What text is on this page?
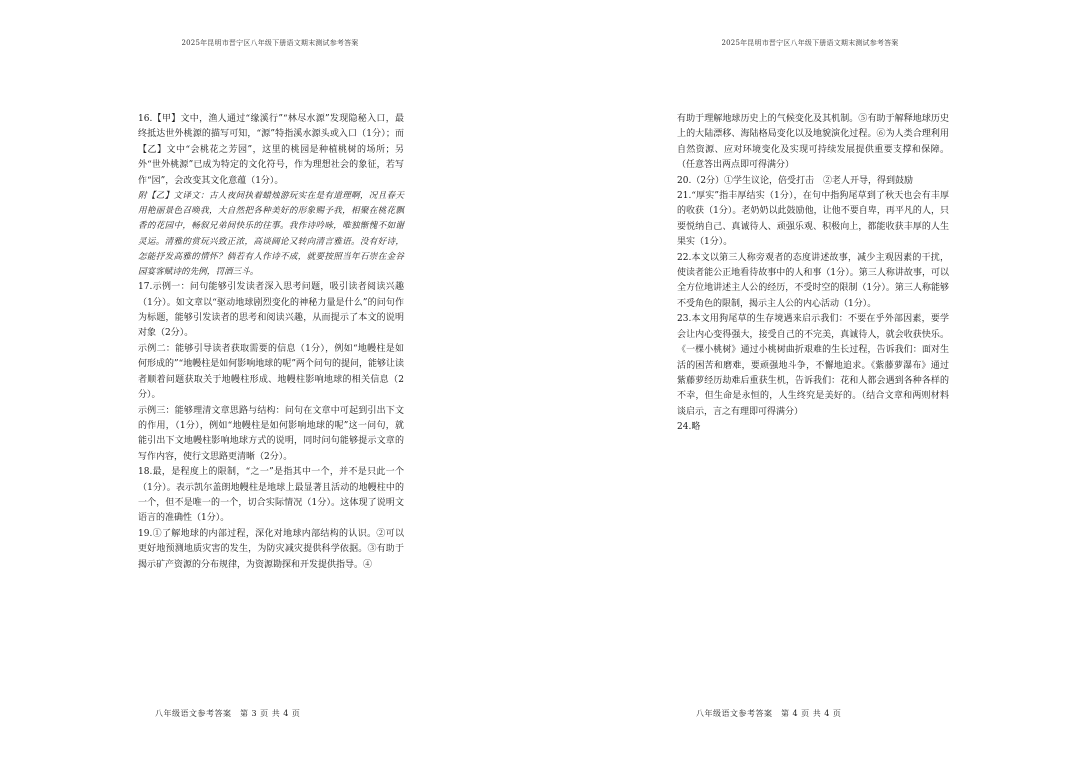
2025年昆明市晋宁区八年级下册语文期末测试参考答案

16.【甲】文中，渔人通过“缘溪行”“林尽水源”发现隐秘入口，最终抵达世外桃源的描写可知，“源”特指溪水源头或入口（1分）；而【乙】文中“会桃花之芳园”，这里的桃园是种植桃树的场所；另外“世外桃源”已成为特定的文化符号，作为理想社会的象征，若写作“园”，会改变其文化意蕴（1分）。

附【乙】文译文：古人夜间执着蜡烛游玩实在是有道理啊，况且春天用艳丽景色召唤我，大自然把各种美好的形象赐予我，相聚在桃花飘香的花园中，畅叙兄弟间快乐的往事。我作诗吟咏，唯独惭愧不如谢灵运。清雅的赏玩兴致正浓，高谈阔论又转向清言雅语。没有好诗，怎能抒发高雅的情怀？倘若有人作诗不成，就要按照当年石崇在金谷园宴客赋诗的先例，罚酒三斗。

17.示例一：问句能够引发读者深入思考问题，吸引读者阅读兴趣（1分）。如文章以“驱动地球剧烈变化的神秘力量是什么”的问句作为标题，能够引发读者的思考和阅读兴趣，从而提示了本文的说明对象（2分）。

示例二：能够引导读者获取需要的信息（1分），例如“地幔柱是如何形成的”“地幔柱是如何影响地球的呢”两个问句的提问，能够让读者顺着问题获取关于地幔柱形成、地幔柱影响地球的相关信息（2分）。

示例三：能够理清文章思路与结构：问句在文章中可起到引出下文的作用，（1分），例如“地幔柱是如何影响地球的呢”这一问句，就能引出下文地幔柱影响地球方式的说明，同时问句能够提示文章的写作内容，使行文思路更清晰（2分）。

18.最，是程度上的限制，“之一”是指其中一个，并不是只此一个（1分）。表示凯尔盖朗地幔柱是地球上最显著且活动的地幔柱中的一个，但不是唯一的一个，切合实际情况（1分）。这体现了说明文语言的准确性（1分）。

19.①了解地球的内部过程，深化对地球内部结构的认识。②可以更好地预测地质灾害的发生，为防灾减灾提供科学依据。③有助于揭示矿产资源的分布规律，为资源勘探和开发提供指导。④

八年级语文参考答案　第 3 页 共 4 页
2025年昆明市晋宁区八年级下册语文期末测试参考答案

有助于理解地球历史上的气候变化及其机制。⑤有助于解释地球历史上的大陆漂移、海陆格局变化以及地貌演化过程。⑥为人类合理利用自然资源、应对环境变化及实现可持续发展提供重要支撑和保障。（任意答出两点即可得满分）

20.（2分）①学生议论，倍受打击　②老人开导，得到鼓励

21.“厚实”指丰厚结实（1分），在句中指狗尾草到了秋天也会有丰厚的收获（1分）。老奶奶以此鼓励他，让他不要自卑，再平凡的人，只要悦纳自己、真诚待人、顽强乐观、积极向上，都能收获丰厚的人生果实（1分）。

22.本文以第三人称旁观者的态度讲述故事，减少主观因素的干扰，使读者能公正地看待故事中的人和事（1分）。第三人称讲故事，可以全方位地讲述主人公的经历，不受时空的限制（1分）。第三人称能够不受角色的限制，揭示主人公的内心活动（1分）。

23.本文用狗尾草的生存境遇来启示我们：不要在乎外部因素，要学会让内心变得强大，接受自己的不完美，真诚待人，就会收获快乐。《一棵小桃树》通过小桃树曲折艰难的生长过程，告诉我们：面对生活的困苦和磨难，要顽强地斗争，不懈地追求。《紫藤萝瀑布》通过紫藤萝经历劫难后重获生机，告诉我们：花和人都会遇到各种各样的不幸，但生命是永恒的，人生终究是美好的。（结合文章和两则材料谈启示，言之有理即可得满分）

24.略

八年级语文参考答案　第 4 页 共 4 页
